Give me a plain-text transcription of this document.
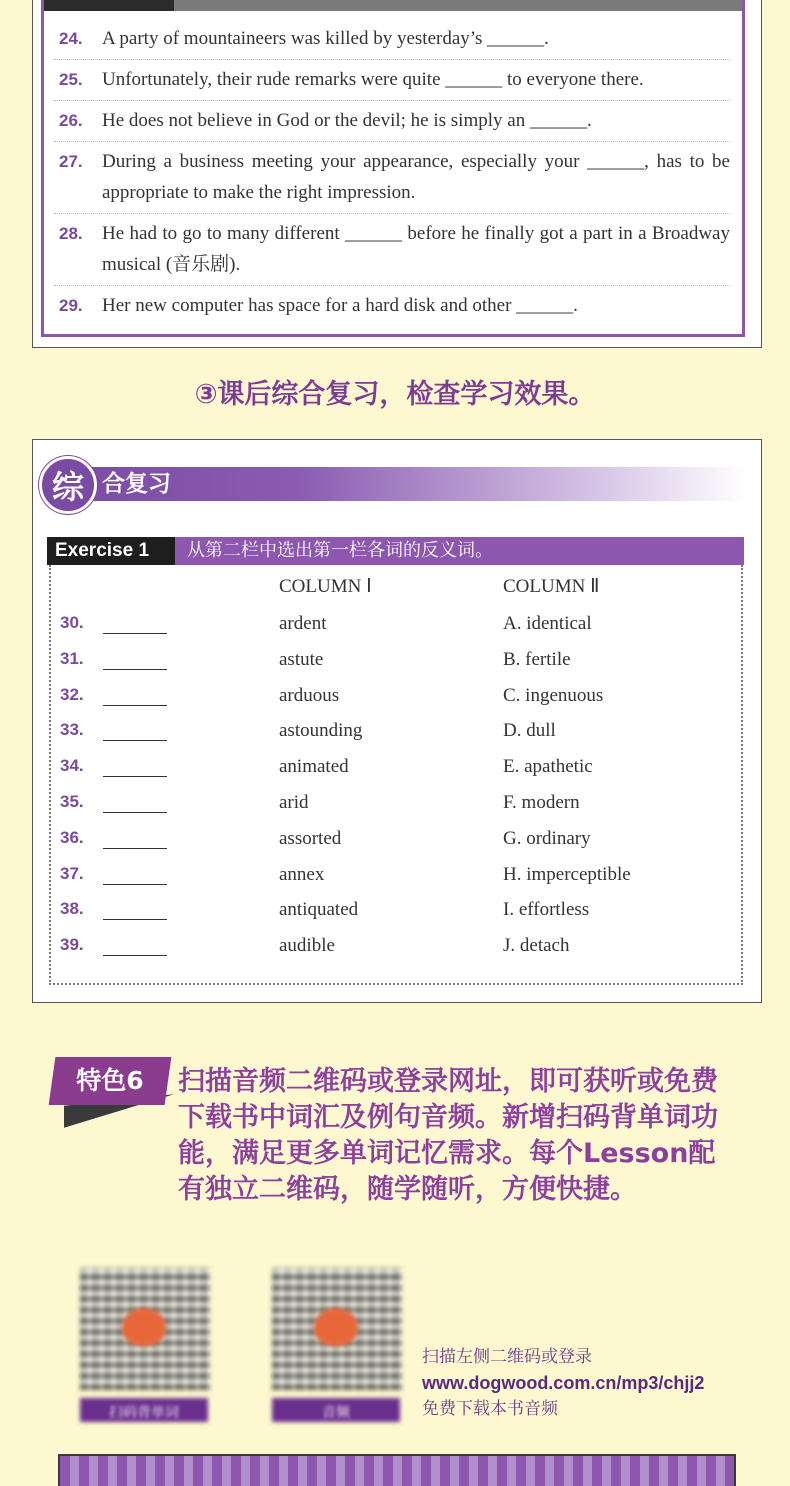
24.	A party of mountaineers was killed by yesterday’s ______.
25.	Unfortunately, their rude remarks were quite ______ to everyone there.
26.	He does not believe in God or the devil; he is simply an ______.
27.	During a business meeting your appearance, especially your ______, has to be appropriate to make the right impression.
28.	He had to go to many different ______ before he finally got a part in a Broadway musical (音乐剧).
29.	Her new computer has space for a hard disk and other ______.
③课后综合复习，检查学习效果。
综 合复习
Exercise 1	从第二栏中选出第一栏各词的反义词。
COLUMN Ⅰ	COLUMN Ⅱ
30.	ardent	A. identical
31.	astute	B. fertile
32.	arduous	C. ingenuous
33.	astounding	D. dull
34.	animated	E. apathetic
35.	arid	F. modern
36.	assorted	G. ordinary
37.	annex	H. imperceptible
38.	antiquated	I. effortless
39.	audible	J. detach
特色6	扫描音频二维码或登录网址，即可获听或免费下载书中词汇及例句音频。新增扫码背单词功能，满足更多单词记忆需求。每个Lesson配有独立二维码，随学随听，方便快捷。
扫码背单词	音频
扫描左侧二维码或登录
www.dogwood.com.cn/mp3/chjj2
免费下载本书音频
